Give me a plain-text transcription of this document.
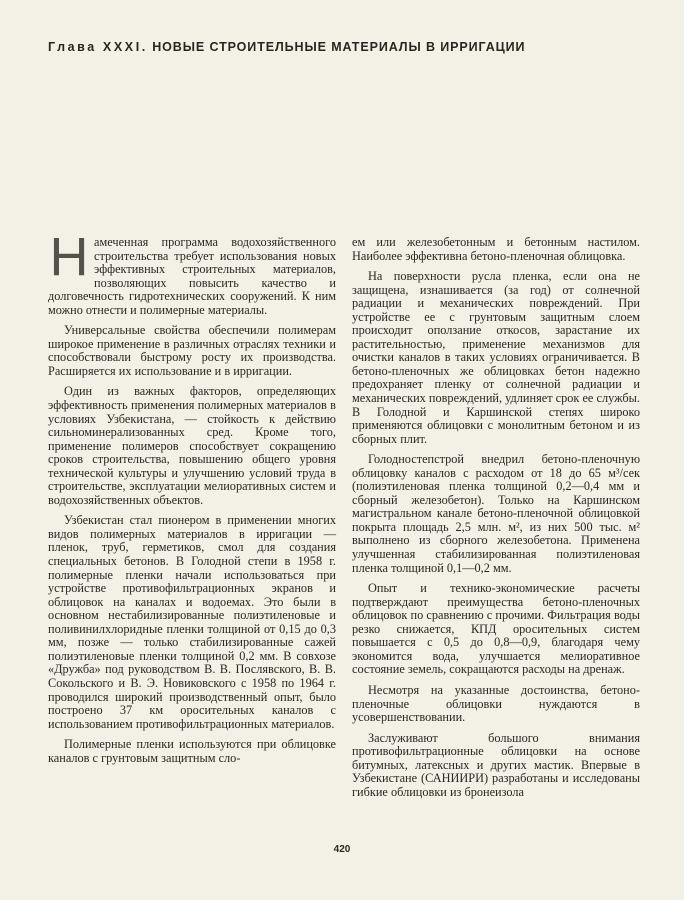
Глава XXXI. НОВЫЕ СТРОИТЕЛЬНЫЕ МАТЕРИАЛЫ В ИРРИГАЦИИ

Намеченная программа водохозяйственного строительства требует использования новых эффективных строительных материалов, позволяющих повысить качество и долговечность гидротехнических сооружений. К ним можно отнести и полимерные материалы.

Универсальные свойства обеспечили полимерам широкое применение в различных отраслях техники и способствовали быстрому росту их производства. Расширяется их использование и в ирригации.

Один из важных факторов, определяющих эффективность применения полимерных материалов в условиях Узбекистана, — стойкость к действию сильноминерализованных сред. Кроме того, применение полимеров способствует сокращению сроков строительства, повышению общего уровня технической культуры и улучшению условий труда в строительстве, эксплуатации мелиоративных систем и водохозяйственных объектов.

Узбекистан стал пионером в применении многих видов полимерных материалов в ирригации — пленок, труб, герметиков, смол для создания специальных бетонов. В Голодной степи в 1958 г. полимерные пленки начали использоваться при устройстве противофильтрационных экранов и облицовок на каналах и водоемах. Это были в основном нестабилизированные полиэтиленовые и поливинилхлоридные пленки толщиной от 0,15 до 0,3 мм, позже — только стабилизированные сажей полиэтиленовые пленки толщиной 0,2 мм. В совхозе «Дружба» под руководством В. В. Послявского, В. В. Сокольского и В. Э. Новиковского с 1958 по 1964 г. проводился широкий производственный опыт, было построено 37 км оросительных каналов с использованием противофильтрационных материалов.

Полимерные пленки используются при облицовке каналов с грунтовым защитным сло-

ем или железобетонным и бетонным настилом. Наиболее эффективна бетоно-пленочная облицовка.

На поверхности русла пленка, если она не защищена, изнашивается (за год) от солнечной радиации и механических повреждений. При устройстве ее с грунтовым защитным слоем происходит оползание откосов, зарастание их растительностью, применение механизмов для очистки каналов в таких условиях ограничивается. В бетоно-пленочных же облицовках бетон надежно предохраняет пленку от солнечной радиации и механических повреждений, удлиняет срок ее службы. В Голодной и Каршинской степях широко применяются облицовки с монолитным бетоном и из сборных плит.

Голодностепстрой внедрил бетоно-пленочную облицовку каналов с расходом от 18 до 65 м³/сек (полиэтиленовая пленка толщиной 0,2—0,4 мм и сборный железобетон). Только на Каршинском магистральном канале бетоно-пленочной облицовкой покрыта площадь 2,5 млн. м², из них 500 тыс. м² выполнено из сборного железобетона. Применена улучшенная стабилизированная полиэтиленовая пленка толщиной 0,1—0,2 мм.

Опыт и технико-экономические расчеты подтверждают преимущества бетоно-пленочных облицовок по сравнению с прочими. Фильтрация воды резко снижается, КПД оросительных систем повышается с 0,5 до 0,8—0,9, благодаря чему экономится вода, улучшается мелиоративное состояние земель, сокращаются расходы на дренаж.

Несмотря на указанные достоинства, бетоно-пленочные облицовки нуждаются в усовершенствовании.

Заслуживают большого внимания противофильтрационные облицовки на основе битумных, латексных и других мастик. Впервые в Узбекистане (САНИИРИ) разработаны и исследованы гибкие облицовки из бронеизола

420
